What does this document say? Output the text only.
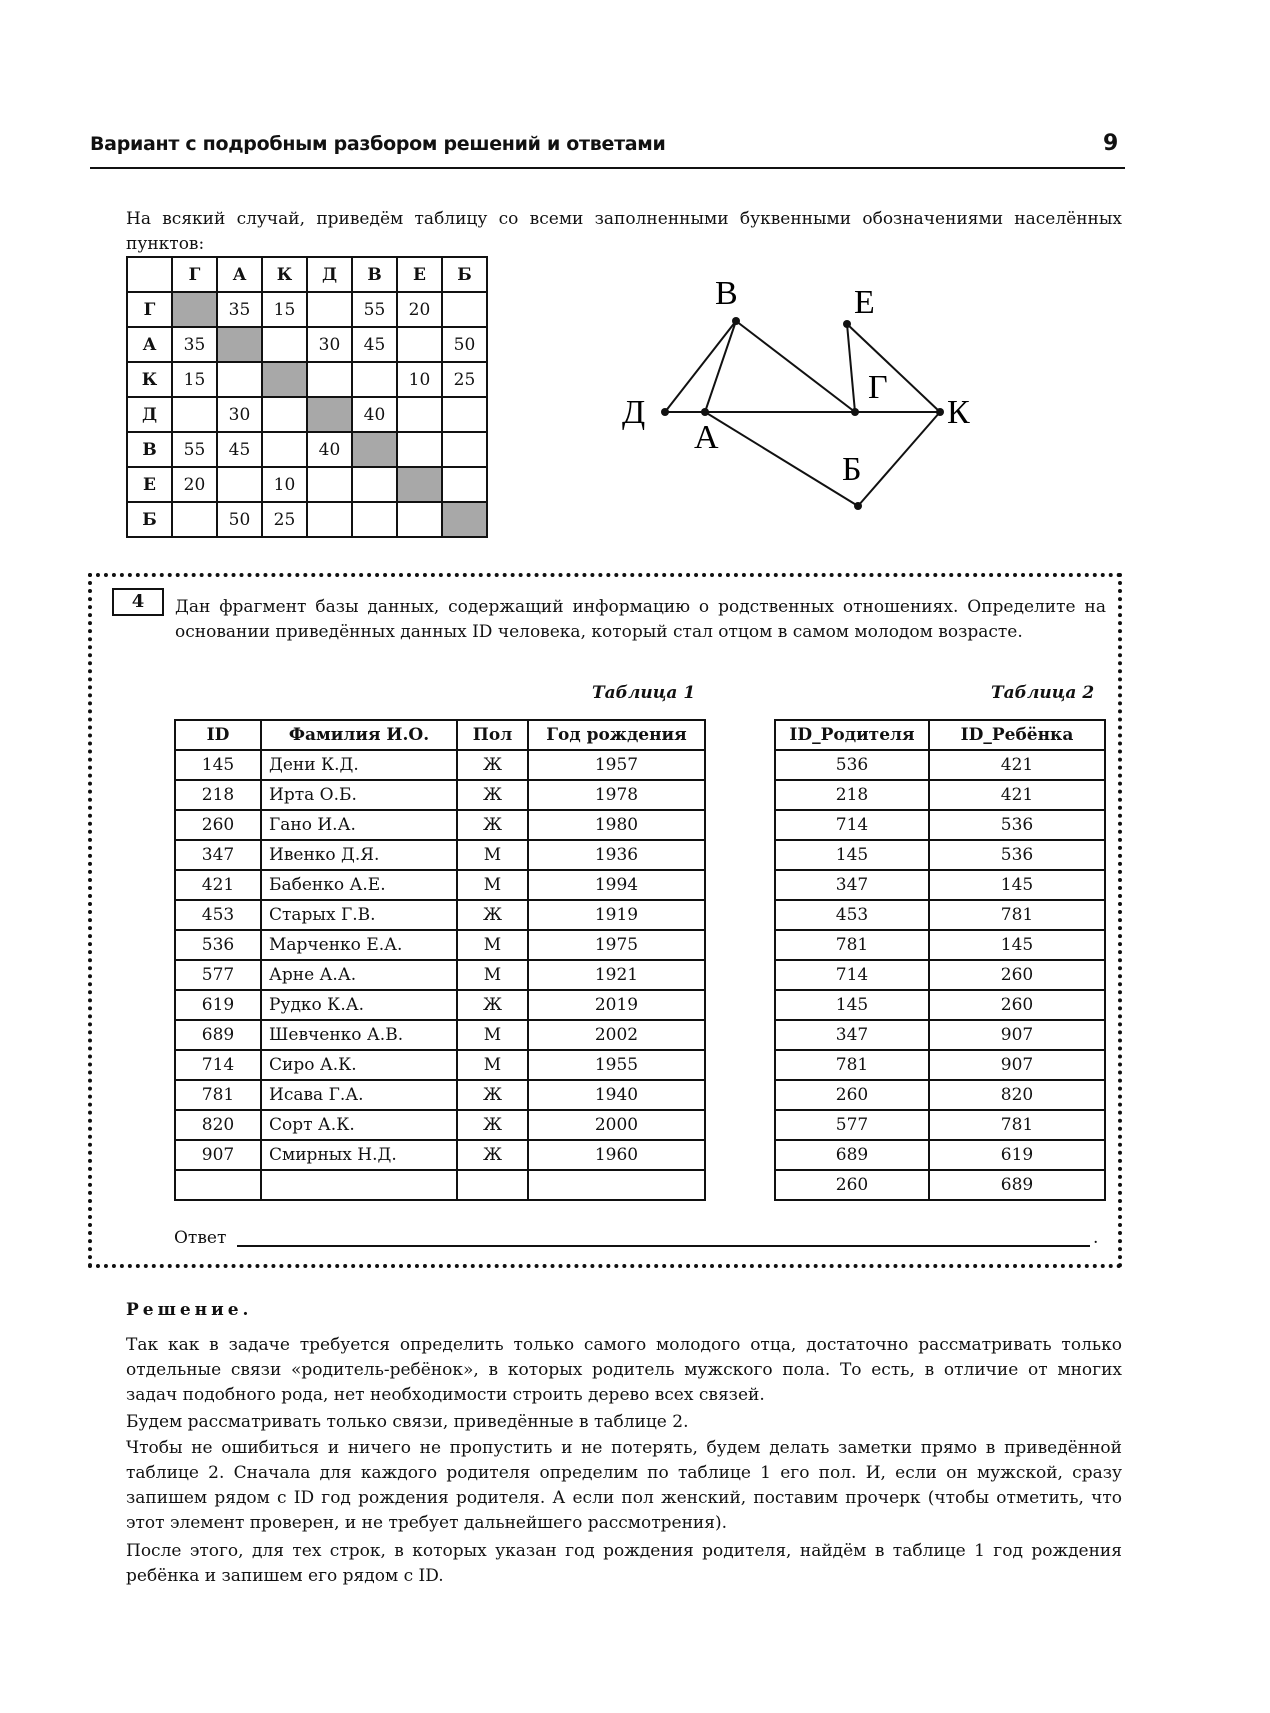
Вариант с подробным разбором решений и ответами	9
На всякий случай, приведём таблицу со всеми заполненными буквенными обозначениями населённых пунктов:
	Г	А	К	Д	В	Е	Б
Г		35	15		55	20	
А	35			30	45		50
К	15					10	25
Д		30			40		
В	55	45		40			
Е	20		10				
Б		50	25				
В	Е
Г
К
Д
А
Б
4	Дан фрагмент базы данных, содержащий информацию о родственных отношениях. Определите на основании приведённых данных ID человека, который стал отцом в самом молодом возрасте.
Таблица 1	Таблица 2
ID	Фамилия И.О.	Пол	Год рождения
145	Дени К.Д.	Ж	1957
218	Ирта О.Б.	Ж	1978
260	Гано И.А.	Ж	1980
347	Ивенко Д.Я.	М	1936
421	Бабенко А.Е.	М	1994
453	Старых Г.В.	Ж	1919
536	Марченко Е.А.	М	1975
577	Арне А.А.	М	1921
619	Рудко К.А.	Ж	2019
689	Шевченко А.В.	М	2002
714	Сиро А.К.	М	1955
781	Исава Г.А.	Ж	1940
820	Сорт А.К.	Ж	2000
907	Смирных Н.Д.	Ж	1960

ID_Родителя	ID_Ребёнка
536	421
218	421
714	536
145	536
347	145
453	781
781	145
714	260
145	260
347	907
781	907
260	820
577	781
689	619
260	689
Ответ	.
Решение.
Так как в задаче требуется определить только самого молодого отца, достаточно рассматривать только отдельные связи «родитель-ребёнок», в которых родитель мужского пола. То есть, в отличие от многих задач подобного рода, нет необходимости строить дерево всех связей.
Будем рассматривать только связи, приведённые в таблице 2.
Чтобы не ошибиться и ничего не пропустить и не потерять, будем делать заметки прямо в приведённой таблице 2. Сначала для каждого родителя определим по таблице 1 его пол. И, если он мужской, сразу запишем рядом с ID год рождения родителя. А если пол женский, поставим прочерк (чтобы отметить, что этот элемент проверен, и не требует дальнейшего рассмотрения).
После этого, для тех строк, в которых указан год рождения родителя, найдём в таблице 1 год рождения ребёнка и запишем его рядом с ID.
